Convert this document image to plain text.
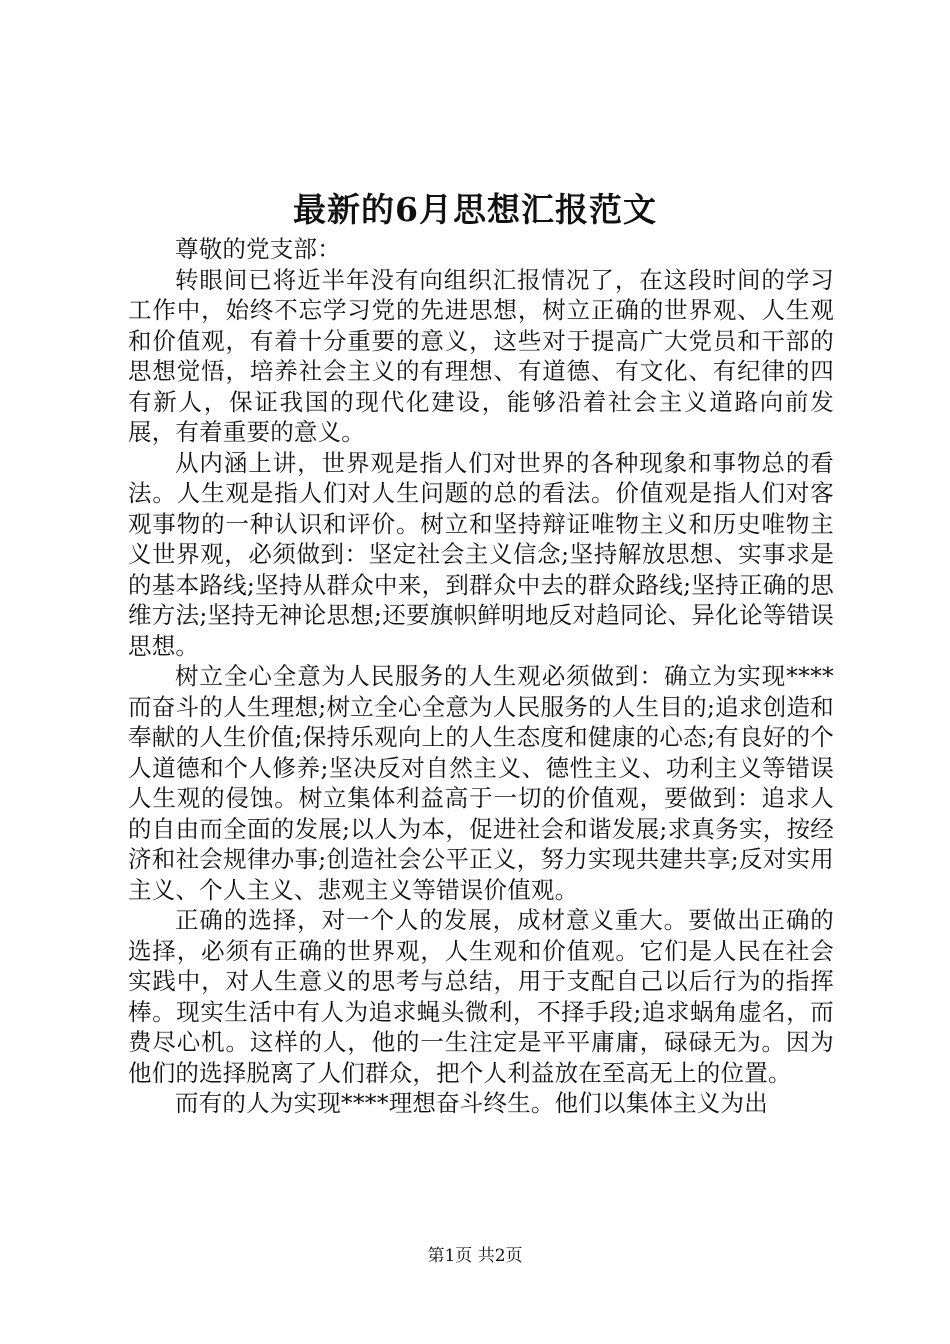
最新的6月思想汇报范文

尊敬的党支部：

转眼间已将近半年没有向组织汇报情况了，在这段时间的学习工作中，始终不忘学习党的先进思想，树立正确的世界观、人生观和价值观，有着十分重要的意义，这些对于提高广大党员和干部的思想觉悟，培养社会主义的有理想、有道德、有文化、有纪律的四有新人，保证我国的现代化建设，能够沿着社会主义道路向前发展，有着重要的意义。

从内涵上讲，世界观是指人们对世界的各种现象和事物总的看法。人生观是指人们对人生问题的总的看法。价值观是指人们对客观事物的一种认识和评价。树立和坚持辩证唯物主义和历史唯物主义世界观，必须做到：坚定社会主义信念;坚持解放思想、实事求是的基本路线;坚持从群众中来，到群众中去的群众路线;坚持正确的思维方法;坚持无神论思想;还要旗帜鲜明地反对趋同论、异化论等错误思想。

树立全心全意为人民服务的人生观必须做到：确立为实现****而奋斗的人生理想;树立全心全意为人民服务的人生目的;追求创造和奉献的人生价值;保持乐观向上的人生态度和健康的心态;有良好的个人道德和个人修养;坚决反对自然主义、德性主义、功利主义等错误人生观的侵蚀。树立集体利益高于一切的价值观，要做到：追求人的自由而全面的发展;以人为本，促进社会和谐发展;求真务实，按经济和社会规律办事;创造社会公平正义，努力实现共建共享;反对实用主义、个人主义、悲观主义等错误价值观。

正确的选择，对一个人的发展，成材意义重大。要做出正确的选择，必须有正确的世界观，人生观和价值观。它们是人民在社会实践中，对人生意义的思考与总结，用于支配自己以后行为的指挥棒。现实生活中有人为追求蝇头微利，不择手段;追求蜗角虚名，而费尽心机。这样的人，他的一生注定是平平庸庸，碌碌无为。因为他们的选择脱离了人们群众，把个人利益放在至高无上的位置。

而有的人为实现****理想奋斗终生。他们以集体主义为出

第1页 共2页
